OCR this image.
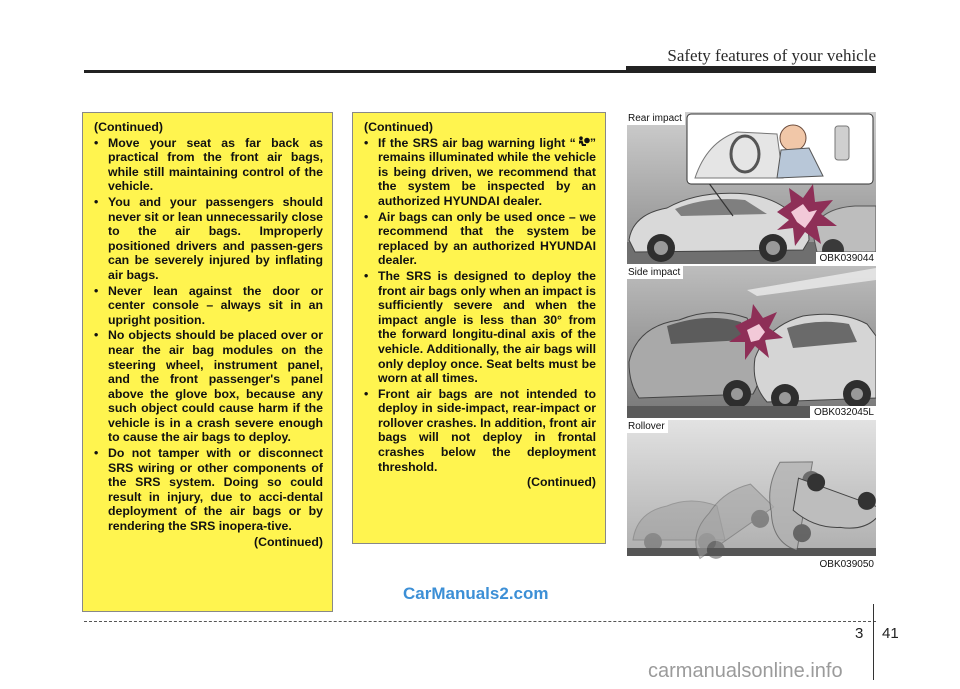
Safety features of your vehicle
(Continued)
• Move your seat as far back as practical from the front air bags, while still maintaining control of the vehicle.
• You and your passengers should never sit or lean unnecessarily close to the air bags. Improperly positioned drivers and passen-gers can be severely injured by inflating air bags.
• Never lean against the door or center console – always sit in an upright position.
• No objects should be placed over or near the air bag modules on the steering wheel, instrument panel, and the front passenger's panel above the glove box, because any such object could cause harm if the vehicle is in a crash severe enough to cause the air bags to deploy.
• Do not tamper with or disconnect SRS wiring or other components of the SRS system. Doing so could result in injury, due to acci-dental deployment of the air bags or by rendering the SRS inopera-tive.
(Continued)
(Continued)
• If the SRS air bag warning light “ ” remains illuminated while the vehicle is being driven, we recommend that the system be inspected by an authorized HYUNDAI dealer.
• Air bags can only be used once – we recommend that the system be replaced by an authorized HYUNDAI dealer.
• The SRS is designed to deploy the front air bags only when an impact is sufficiently severe and when the impact angle is less than 30° from the forward longitu-dinal axis of the vehicle. Additionally, the air bags will only deploy once. Seat belts must be worn at all times.
• Front air bags are not intended to deploy in side-impact, rear-impact or rollover crashes. In addition, front air bags will not deploy in frontal crashes below the deployment threshold.
(Continued)
Rear impact
OBK039044
Side impact
OBK032045L
Rollover
OBK039050
CarManuals2.com
3 41
carmanualsonline.info
